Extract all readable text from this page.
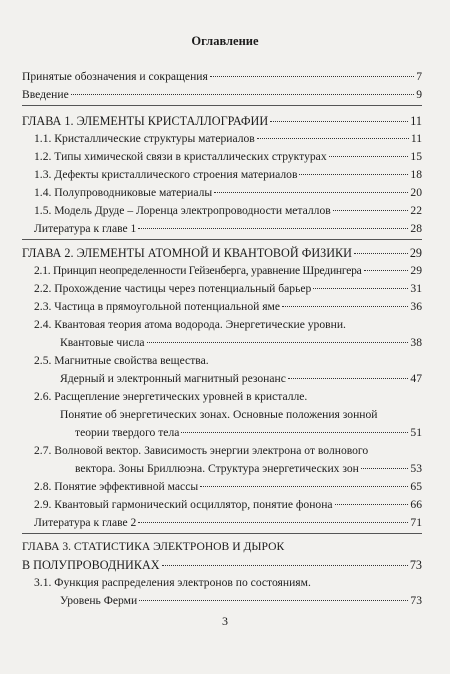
Оглавление
Принятые обозначения и сокращения	7
Введение	9
ГЛАВА 1. ЭЛЕМЕНТЫ КРИСТАЛЛОГРАФИИ	11
1.1. Кристаллические структуры материалов	11
1.2. Типы химической связи в кристаллических структурах	15
1.3. Дефекты кристаллического строения материалов	18
1.4. Полупроводниковые материалы	20
1.5. Модель Друде – Лоренца электропроводности металлов	22
Литература к главе 1	28
ГЛАВА 2. ЭЛЕМЕНТЫ АТОМНОЙ И КВАНТОВОЙ ФИЗИКИ	29
2.1. Принцип неопределенности Гейзенберга, уравнение Шредингера	29
2.2. Прохождение частицы через потенциальный барьер	31
2.3. Частица в прямоугольной потенциальной яме	36
2.4. Квантовая теория атома водорода. Энергетические уровни.
Квантовые числа	38
2.5. Магнитные свойства вещества.
Ядерный и электронный магнитный резонанс	47
2.6. Расщепление энергетических уровней в кристалле.
Понятие об энергетических зонах. Основные положения зонной
теории твердого тела	51
2.7. Волновой вектор. Зависимость энергии электрона от волнового
вектора. Зоны Бриллюэна. Структура энергетических зон	53
2.8. Понятие эффективной массы	65
2.9. Квантовый гармонический осциллятор, понятие фонона	66
Литература к главе 2	71
ГЛАВА 3. СТАТИСТИКА ЭЛЕКТРОНОВ И ДЫРОК
В ПОЛУПРОВОДНИКАХ	73
3.1. Функция распределения электронов по состояниям.
Уровень Ферми	73
3
